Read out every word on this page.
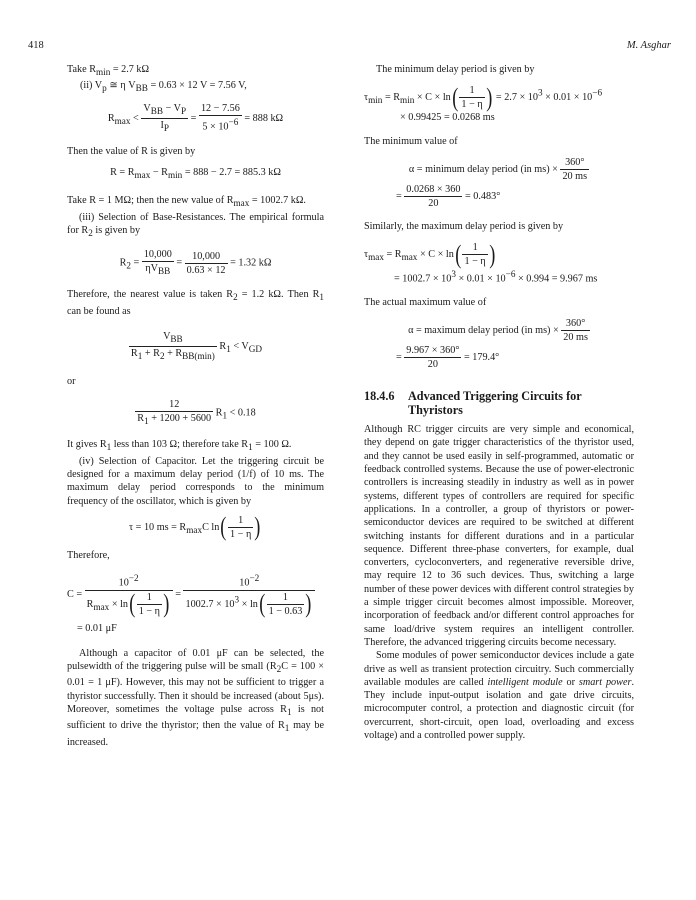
418	M. Asghar

Take $R_{min} = 2.7$ kΩ

(ii) $V_p$ ≅ η $V_{BB} = 0.63 \times 12$ V = 7.56 V,

$R_{max} < \frac{V_{BB} - V_P}{I_P} = \frac{12 - 7.56}{5 \times 10^{-6}} = 888$ kΩ

Then the value of R is given by

$R = R_{max} - R_{min} = 888 - 2.7 = 885.3$ kΩ

Take R = 1 MΩ; then the new value of $R_{max} = 1002.7$ kΩ.

(iii) Selection of Base-Resistances. The empirical formula for $R_2$ is given by

$R_2 = \frac{10,000}{\eta V_{BB}} = \frac{10,000}{0.63 \times 12} = 1.32$ kΩ

Therefore, the nearest value is taken $R_2 = 1.2$ kΩ. Then $R_1$ can be found as

$\frac{V_{BB}}{R_1 + R_2 + R_{BB(min)}} R_1 < V_{GD}$

or

$\frac{12}{R_1 + 1200 + 5600} R_1 < 0.18$

It gives $R_1$ less than 103 Ω; therefore take $R_1 = 100$ Ω.

(iv) Selection of Capacitor. Let the triggering circuit be designed for a maximum delay period (1/f) of 10 ms. The maximum delay period corresponds to the minimum frequency of the oscillator, which is given by

τ = 10 ms = $R_{max}C$ $\ln( \frac{1}{1 - \eta}$ )

Therefore,

$C = \frac{10^{-2}}{R_{max} \times \ln( \frac{1}{1 - \eta} )} = \frac{10^{-2}}{1002.7 \times 10^3 \times \ln( \frac{1}{1 - 0.63} )}$

= 0.01 μF

Although a capacitor of 0.01 μF can be selected, the pulsewidth of the triggering pulse will be small ($R_2C = 100 \times 0.01 = 1$ μF). However, this may not be sufficient to trigger a thyristor successfully. Then it should be increased (about 5μs). Moreover, sometimes the voltage pulse across $R_1$ is not sufficient to drive the thyristor; then the value of $R_1$ may be increased.

The minimum delay period is given by

$\tau_{min} = R_{min} \times C \times \ln( \frac{1}{1 - \eta}$ ) = $2.7 \times 10^3 \times 0.01 \times 10^{-6}$

× 0.99425 = 0.0268 ms

The minimum value of

α = minimum delay period (in $ms) \times \frac{360^\circ}{20 ms}$
= $\frac{0.0268 \times 360}{20} = 0.483^\circ$

Similarly, the maximum delay period is given by

$\tau_{max} = R_{max} \times C \times \ln( \frac{1}{1 - \eta}$ )

= $1002.7 \times 10^3 \times 0.01 \times 10^{-6} \times 0.994 = 9.967$ ms

The actual maximum value of

α = maximum delay period (in $ms) \times \frac{360^\circ}{20 ms}$
= $\frac{9.967 \times 360^\circ}{20} = 179.4^\circ$
18.4.6 Advanced Triggering Circuits for
Thyristors

Although RC trigger circuits are very simple and economical, they depend on gate trigger characteristics of the thyristor used, and they cannot be used easily in self-programmed, automatic or feedback controlled systems. Because the use of power-electronic controllers is increasing steadily in industry as well as in power systems, different types of controllers are required for specific applications. In a controller, a group of thyristors or power-semiconductor devices are required to be switched at different switching instants for different durations and in a particular sequence. Different three-phase converters, for example, dual converters, cycloconverters, and regenerative reversible drive, may require 12 to 36 such devices. Thus, switching a large number of these power devices with different control strategies by a simple trigger circuit becomes almost impossible. Moreover, incorporation of feedback and/or different control approaches for same load/drive system requires an intelligent controller. Therefore, the advanced triggering circuits become necessary.

Some modules of power semiconductor devices include a gate drive as well as transient protection circuitry. Such commercially available modules are called intelligent module or smart power. They include input-output isolation and gate drive circuits, microcomputer control, a protection and diagnostic circuit (for overcurrent, short-circuit, open load, overloading and excess voltage) and a controlled power supply.
